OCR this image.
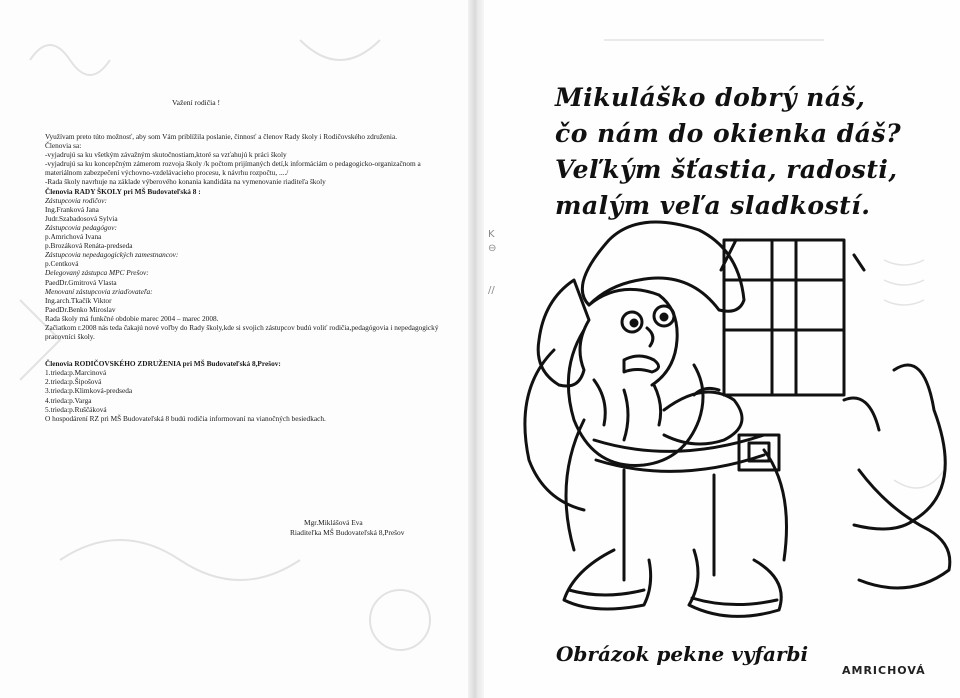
Važení rodičia !
Využívam preto túto možnosť, aby som Vám priblížila poslanie, činnosť a členov Rady školy i Rodičovského združenia.
Členovia sa:
-vyjadrujú sa ku všetkým závažným skutočnostiam,ktoré sa vzťahujú k práci školy
-vyjadrujú sa ku koncepčným zámerom rozvoja školy /k počtom prijímaných detí,k informáciám o pedagogicko-organizačnom a materiálnom zabezpečení výchovno-vzdelávacieho procesu, k návrhu rozpočtu, ..../
-Rada školy navrhuje na základe výberového konania kandidáta na vymenovanie riaditeľa školy
Členovia RADY ŠKOLY pri MŠ Budovateľská 8 :
Zástupcovia rodičov:
Ing.Franková Jana
Judr.Szabadosová Sylvia
Zástupcovia pedagógov:
p.Amrichová Ivana
p.Brozáková Renáta-predseda
Zástupcovia nepedagogických zamestnancov:
p.Centková
Delegovaný zástupca MPC Prešov:
PaedDr.Gmitrová Vlasta
Menovaní zástupcovia zriaďovateľa:
Ing.arch.Tkačík Viktor
PaedDr.Benko Miroslav
Rada školy má funkčné obdobie marec 2004 – marec 2008.
Začiatkom r.2008 nás teda čakajú nové voľby do Rady školy,kde si svojich zástupcov budú voliť rodičia,pedagógovia i nepedagogický pracovníci školy.
Členovia RODIČOVSKÉHO ZDRUŽENIA pri MŠ Budovateľská 8,Prešov:
1.trieda:p.Marcinová
2.trieda:p.Šipošová
3.trieda:p.Klimková-predseda
4.trieda:p.Varga
5.trieda:p.Ruščáková
O hospodárení RZ pri MŠ Budovateľská 8 budú rodičia informovaní na vianočných besiedkach.
Mgr.Miklášová Eva
Riaditeľka MŠ Budovateľská 8,Prešov
Mikuláško dobrý náš,
čo nám do okienka dáš?
Veľkým šťastia, radosti,
malým veľa sladkostí.
K
⊖

//
Obrázok pekne vyfarbi
AMRICHOVÁ
